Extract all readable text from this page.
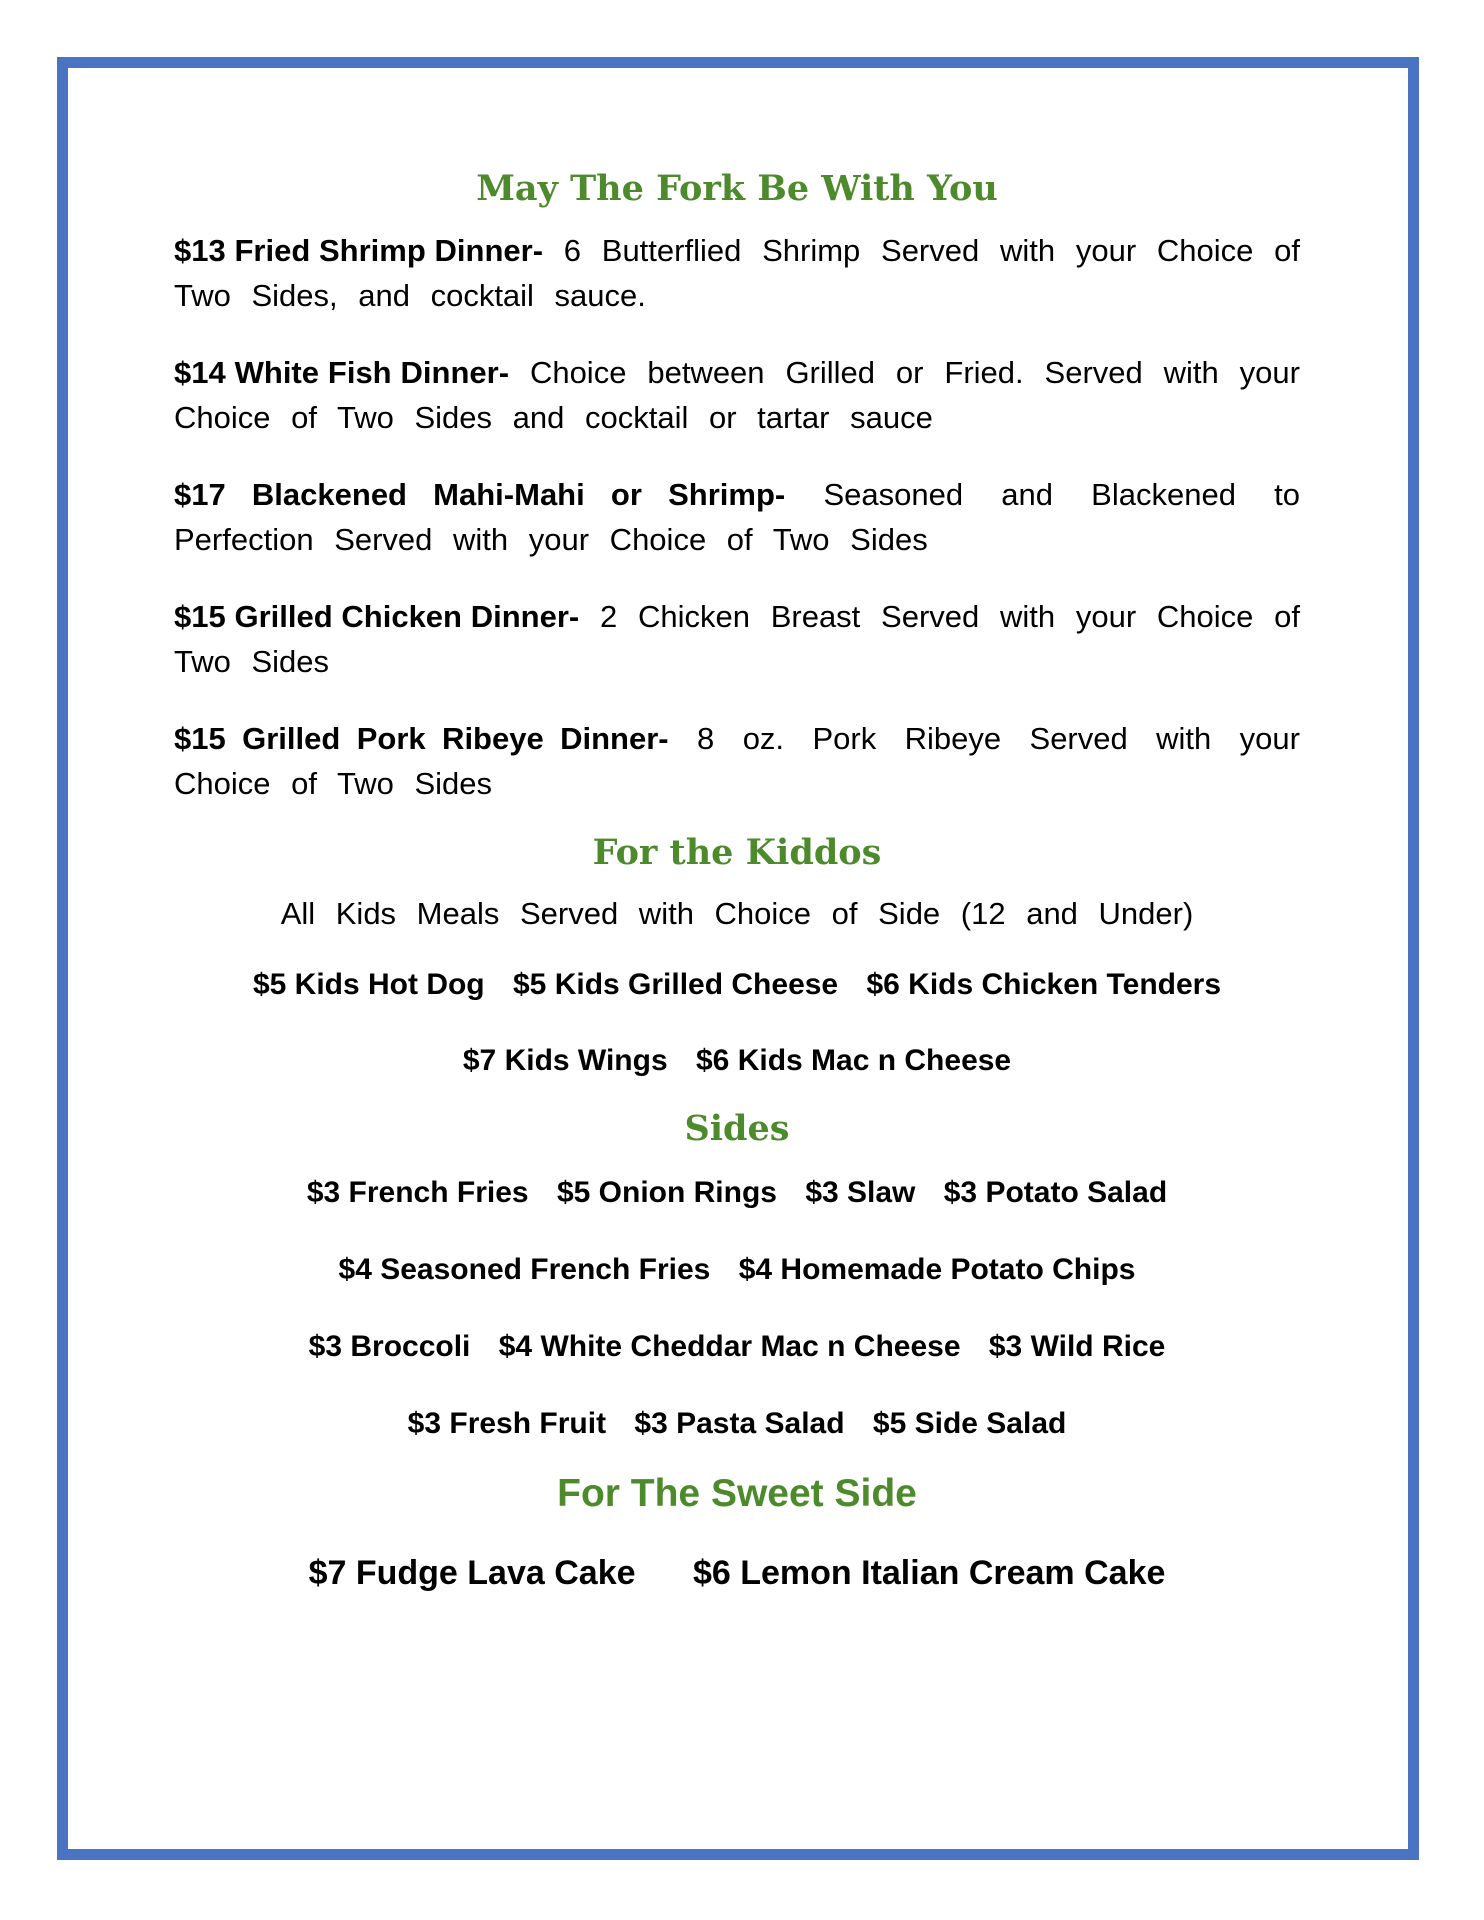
May The Fork Be With You

$13 Fried Shrimp Dinner- 6 Butterflied Shrimp Served with your Choice of Two Sides, and cocktail sauce.

$14 White Fish Dinner- Choice between Grilled or Fried. Served with your Choice of Two Sides and cocktail or tartar sauce

$17 Blackened Mahi-Mahi or Shrimp- Seasoned and Blackened to Perfection Served with your Choice of Two Sides

$15 Grilled Chicken Dinner- 2 Chicken Breast Served with your Choice of Two Sides

$15 Grilled Pork Ribeye Dinner- 8 oz. Pork Ribeye Served with your Choice of Two Sides

For the Kiddos

All Kids Meals Served with Choice of Side (12 and Under)

$5 Kids Hot Dog $5 Kids Grilled Cheese $6 Kids Chicken Tenders

$7 Kids Wings $6 Kids Mac n Cheese

Sides

$3 French Fries $5 Onion Rings $3 Slaw $3 Potato Salad

$4 Seasoned French Fries $4 Homemade Potato Chips

$3 Broccoli $4 White Cheddar Mac n Cheese $3 Wild Rice

$3 Fresh Fruit $3 Pasta Salad $5 Side Salad

For The Sweet Side

$7 Fudge Lava Cake $6 Lemon Italian Cream Cake
